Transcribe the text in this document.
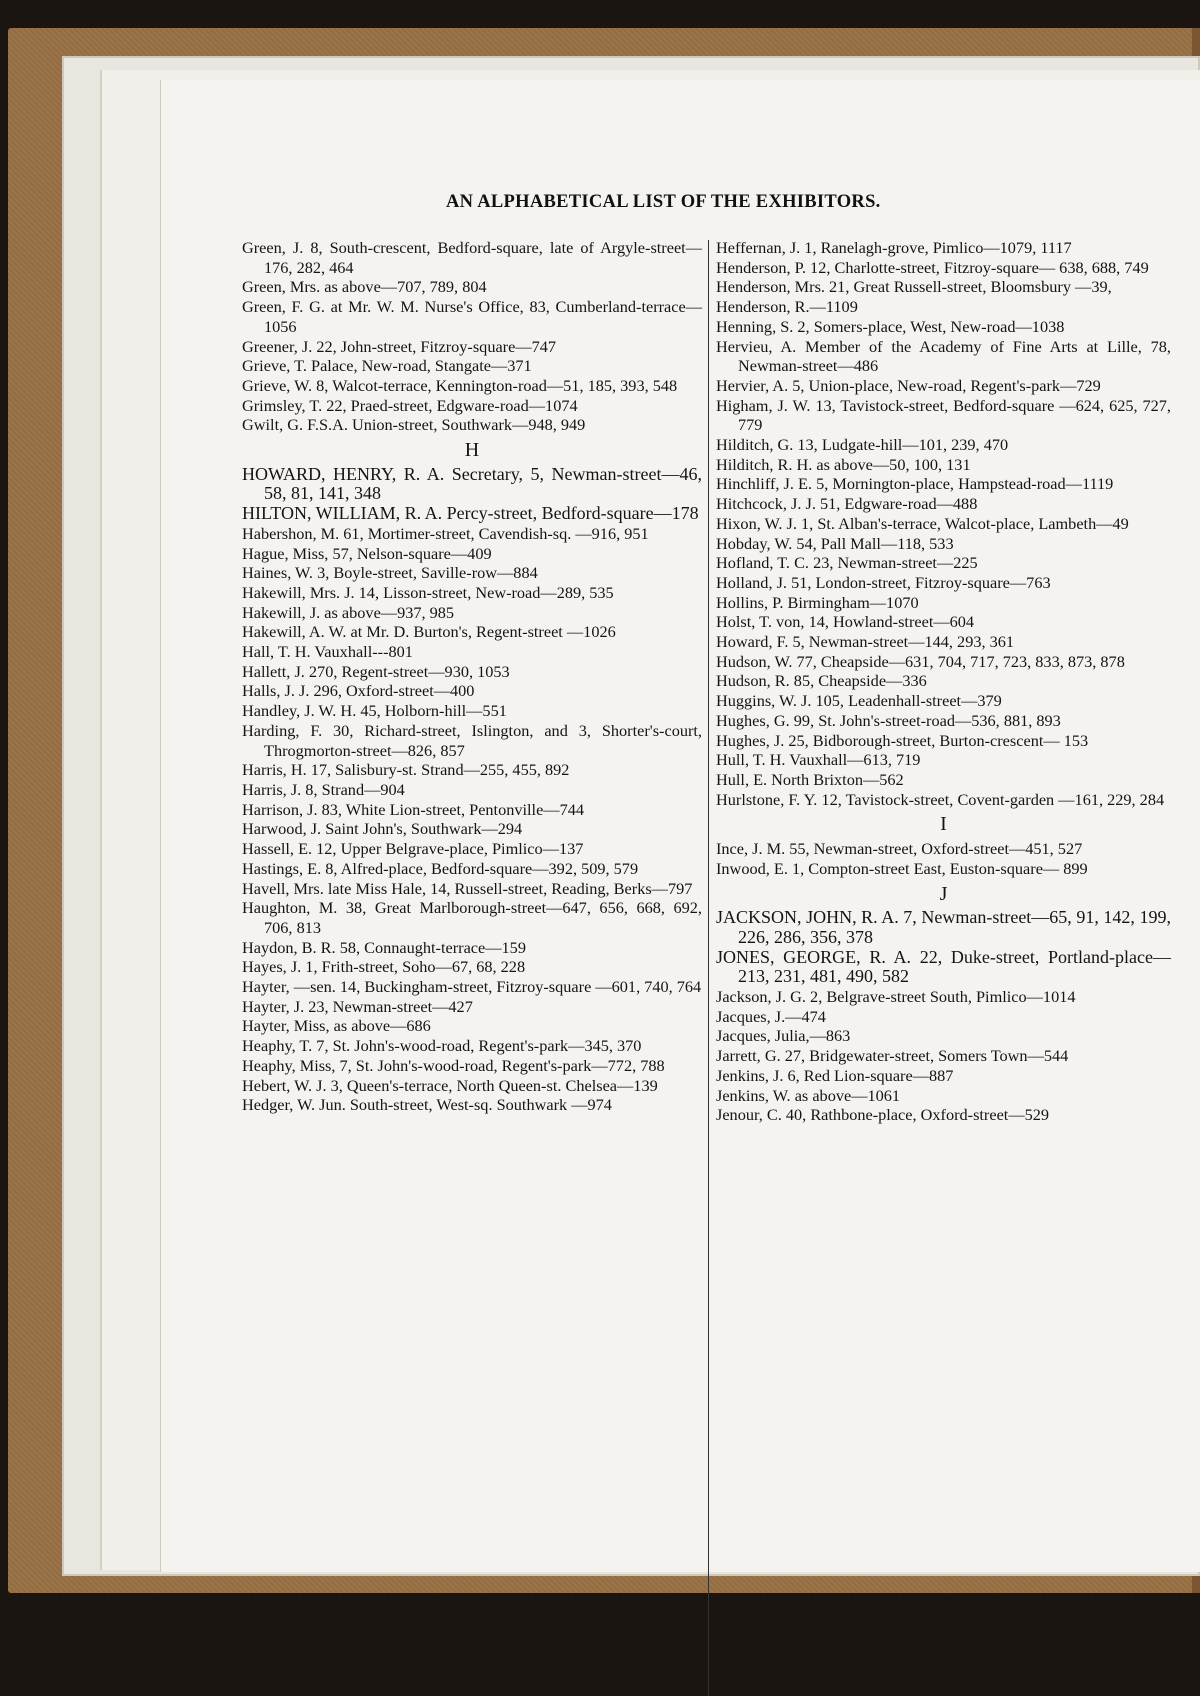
AN ALPHABETICAL LIST OF THE EXHIBITORS.

Green, J. 8, South-crescent, Bedford-square, late of Argyle-street—176, 282, 464

Green, Mrs. as above—707, 789, 804

Green, F. G. at Mr. W. M. Nurse's Office, 83, Cumberland-terrace—1056

Greener, J. 22, John-street, Fitzroy-square—747

Grieve, T. Palace, New-road, Stangate—371

Grieve, W. 8, Walcot-terrace, Kennington-road—51, 185, 393, 548

Grimsley, T. 22, Praed-street, Edgware-road—1074

Gwilt, G. F.S.A. Union-street, Southwark—948, 949

H

HOWARD, HENRY, R. A. Secretary, 5, Newman-street—46, 58, 81, 141, 348

HILTON, WILLIAM, R. A. Percy-street, Bedford-square—178

Habershon, M. 61, Mortimer-street, Cavendish-sq. —916, 951

Hague, Miss, 57, Nelson-square—409

Haines, W. 3, Boyle-street, Saville-row—884

Hakewill, Mrs. J. 14, Lisson-street, New-road—289, 535

Hakewill, J. as above—937, 985

Hakewill, A. W. at Mr. D. Burton's, Regent-street —1026

Hall, T. H. Vauxhall---801

Hallett, J. 270, Regent-street—930, 1053

Halls, J. J. 296, Oxford-street—400

Handley, J. W. H. 45, Holborn-hill—551

Harding, F. 30, Richard-street, Islington, and 3, Shorter's-court, Throgmorton-street—826, 857

Harris, H. 17, Salisbury-st. Strand—255, 455, 892

Harris, J. 8, Strand—904

Harrison, J. 83, White Lion-street, Pentonville—744

Harwood, J. Saint John's, Southwark—294

Hassell, E. 12, Upper Belgrave-place, Pimlico—137

Hastings, E. 8, Alfred-place, Bedford-square—392, 509, 579

Havell, Mrs. late Miss Hale, 14, Russell-street, Reading, Berks—797

Haughton, M. 38, Great Marlborough-street—647, 656, 668, 692, 706, 813

Haydon, B. R. 58, Connaught-terrace—159

Hayes, J. 1, Frith-street, Soho—67, 68, 228

Hayter, —sen. 14, Buckingham-street, Fitzroy-square —601, 740, 764

Hayter, J. 23, Newman-street—427

Hayter, Miss, as above—686

Heaphy, T. 7, St. John's-wood-road, Regent's-park—345, 370

Heaphy, Miss, 7, St. John's-wood-road, Regent's-park—772, 788

Hebert, W. J. 3, Queen's-terrace, North Queen-st. Chelsea—139

Hedger, W. Jun. South-street, West-sq. Southwark —974

Heffernan, J. 1, Ranelagh-grove, Pimlico—1079, 1117

Henderson, P. 12, Charlotte-street, Fitzroy-square— 638, 688, 749

Henderson, Mrs. 21, Great Russell-street, Bloomsbury —39,

Henderson, R.—1109

Henning, S. 2, Somers-place, West, New-road—1038

Hervieu, A. Member of the Academy of Fine Arts at Lille, 78, Newman-street—486

Hervier, A. 5, Union-place, New-road, Regent's-park—729

Higham, J. W. 13, Tavistock-street, Bedford-square —624, 625, 727, 779

Hilditch, G. 13, Ludgate-hill—101, 239, 470

Hilditch, R. H. as above—50, 100, 131

Hinchliff, J. E. 5, Mornington-place, Hampstead-road—1119

Hitchcock, J. J. 51, Edgware-road—488

Hixon, W. J. 1, St. Alban's-terrace, Walcot-place, Lambeth—49

Hobday, W. 54, Pall Mall—118, 533

Hofland, T. C. 23, Newman-street—225

Holland, J. 51, London-street, Fitzroy-square—763

Hollins, P. Birmingham—1070

Holst, T. von, 14, Howland-street—604

Howard, F. 5, Newman-street—144, 293, 361

Hudson, W. 77, Cheapside—631, 704, 717, 723, 833, 873, 878

Hudson, R. 85, Cheapside—336

Huggins, W. J. 105, Leadenhall-street—379

Hughes, G. 99, St. John's-street-road—536, 881, 893

Hughes, J. 25, Bidborough-street, Burton-crescent— 153

Hull, T. H. Vauxhall—613, 719

Hull, E. North Brixton—562

Hurlstone, F. Y. 12, Tavistock-street, Covent-garden —161, 229, 284

I

Ince, J. M. 55, Newman-street, Oxford-street—451, 527

Inwood, E. 1, Compton-street East, Euston-square— 899

J

JACKSON, JOHN, R. A. 7, Newman-street—65, 91, 142, 199, 226, 286, 356, 378

JONES, GEORGE, R. A. 22, Duke-street, Portland-place—213, 231, 481, 490, 582

Jackson, J. G. 2, Belgrave-street South, Pimlico—1014

Jacques, J.—474

Jacques, Julia,—863

Jarrett, G. 27, Bridgewater-street, Somers Town—544

Jenkins, J. 6, Red Lion-square—887

Jenkins, W. as above—1061

Jenour, C. 40, Rathbone-place, Oxford-street—529
